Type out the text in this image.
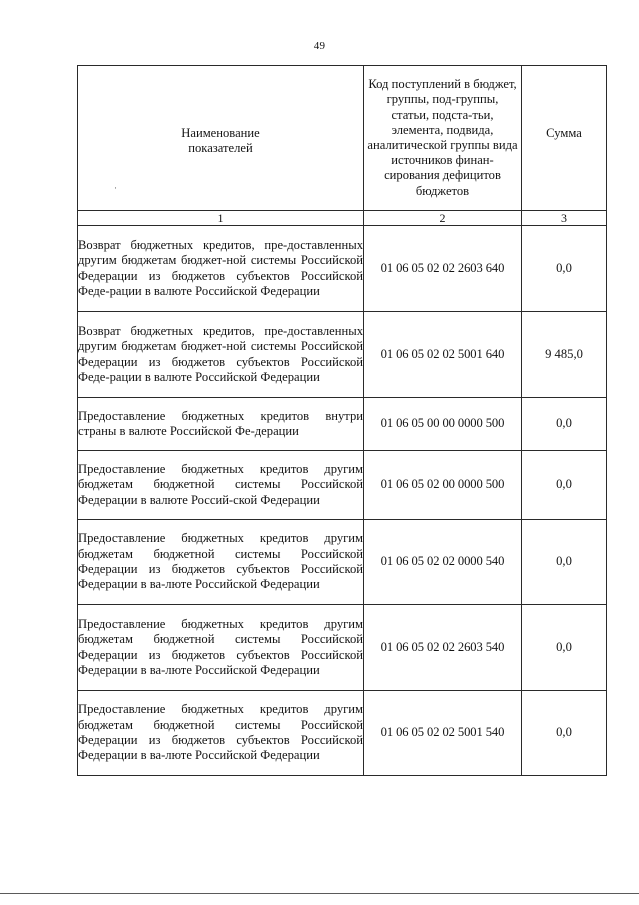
49
·
Наименование показателей	Код поступлений в бюджет, группы, под-группы, статьи, подста-тьи, элемента, подвида, аналитической группы вида источников финан-сирования дефицитов бюджетов	Сумма

1	2	3
Возврат бюджетных кредитов, пре-доставленных другим бюджетам бюджет-ной системы Российской Федерации из бюджетов субъектов Российской Феде-рации в валюте Российской Федерации	01 06 05 02 02 2603 640	0,0
Возврат бюджетных кредитов, пре-доставленных другим бюджетам бюджет-ной системы Российской Федерации из бюджетов субъектов Российской Феде-рации в валюте Российской Федерации	01 06 05 02 02 5001 640	9 485,0
Предоставление бюджетных кредитов внутри страны в валюте Российской Фе-дерации	01 06 05 00 00 0000 500	0,0
Предоставление бюджетных кредитов другим бюджетам бюджетной системы Российской Федерации в валюте Россий-ской Федерации	01 06 05 02 00 0000 500	0,0
Предоставление бюджетных кредитов другим бюджетам бюджетной системы Российской Федерации из бюджетов субъектов Российской Федерации в ва-люте Российской Федерации	01 06 05 02 02 0000 540	0,0
Предоставление бюджетных кредитов другим бюджетам бюджетной системы Российской Федерации из бюджетов субъектов Российской Федерации в ва-люте Российской Федерации	01 06 05 02 02 2603 540	0,0
Предоставление бюджетных кредитов другим бюджетам бюджетной системы Российской Федерации из бюджетов субъектов Российской Федерации в ва-люте Российской Федерации	01 06 05 02 02 5001 540	0,0
